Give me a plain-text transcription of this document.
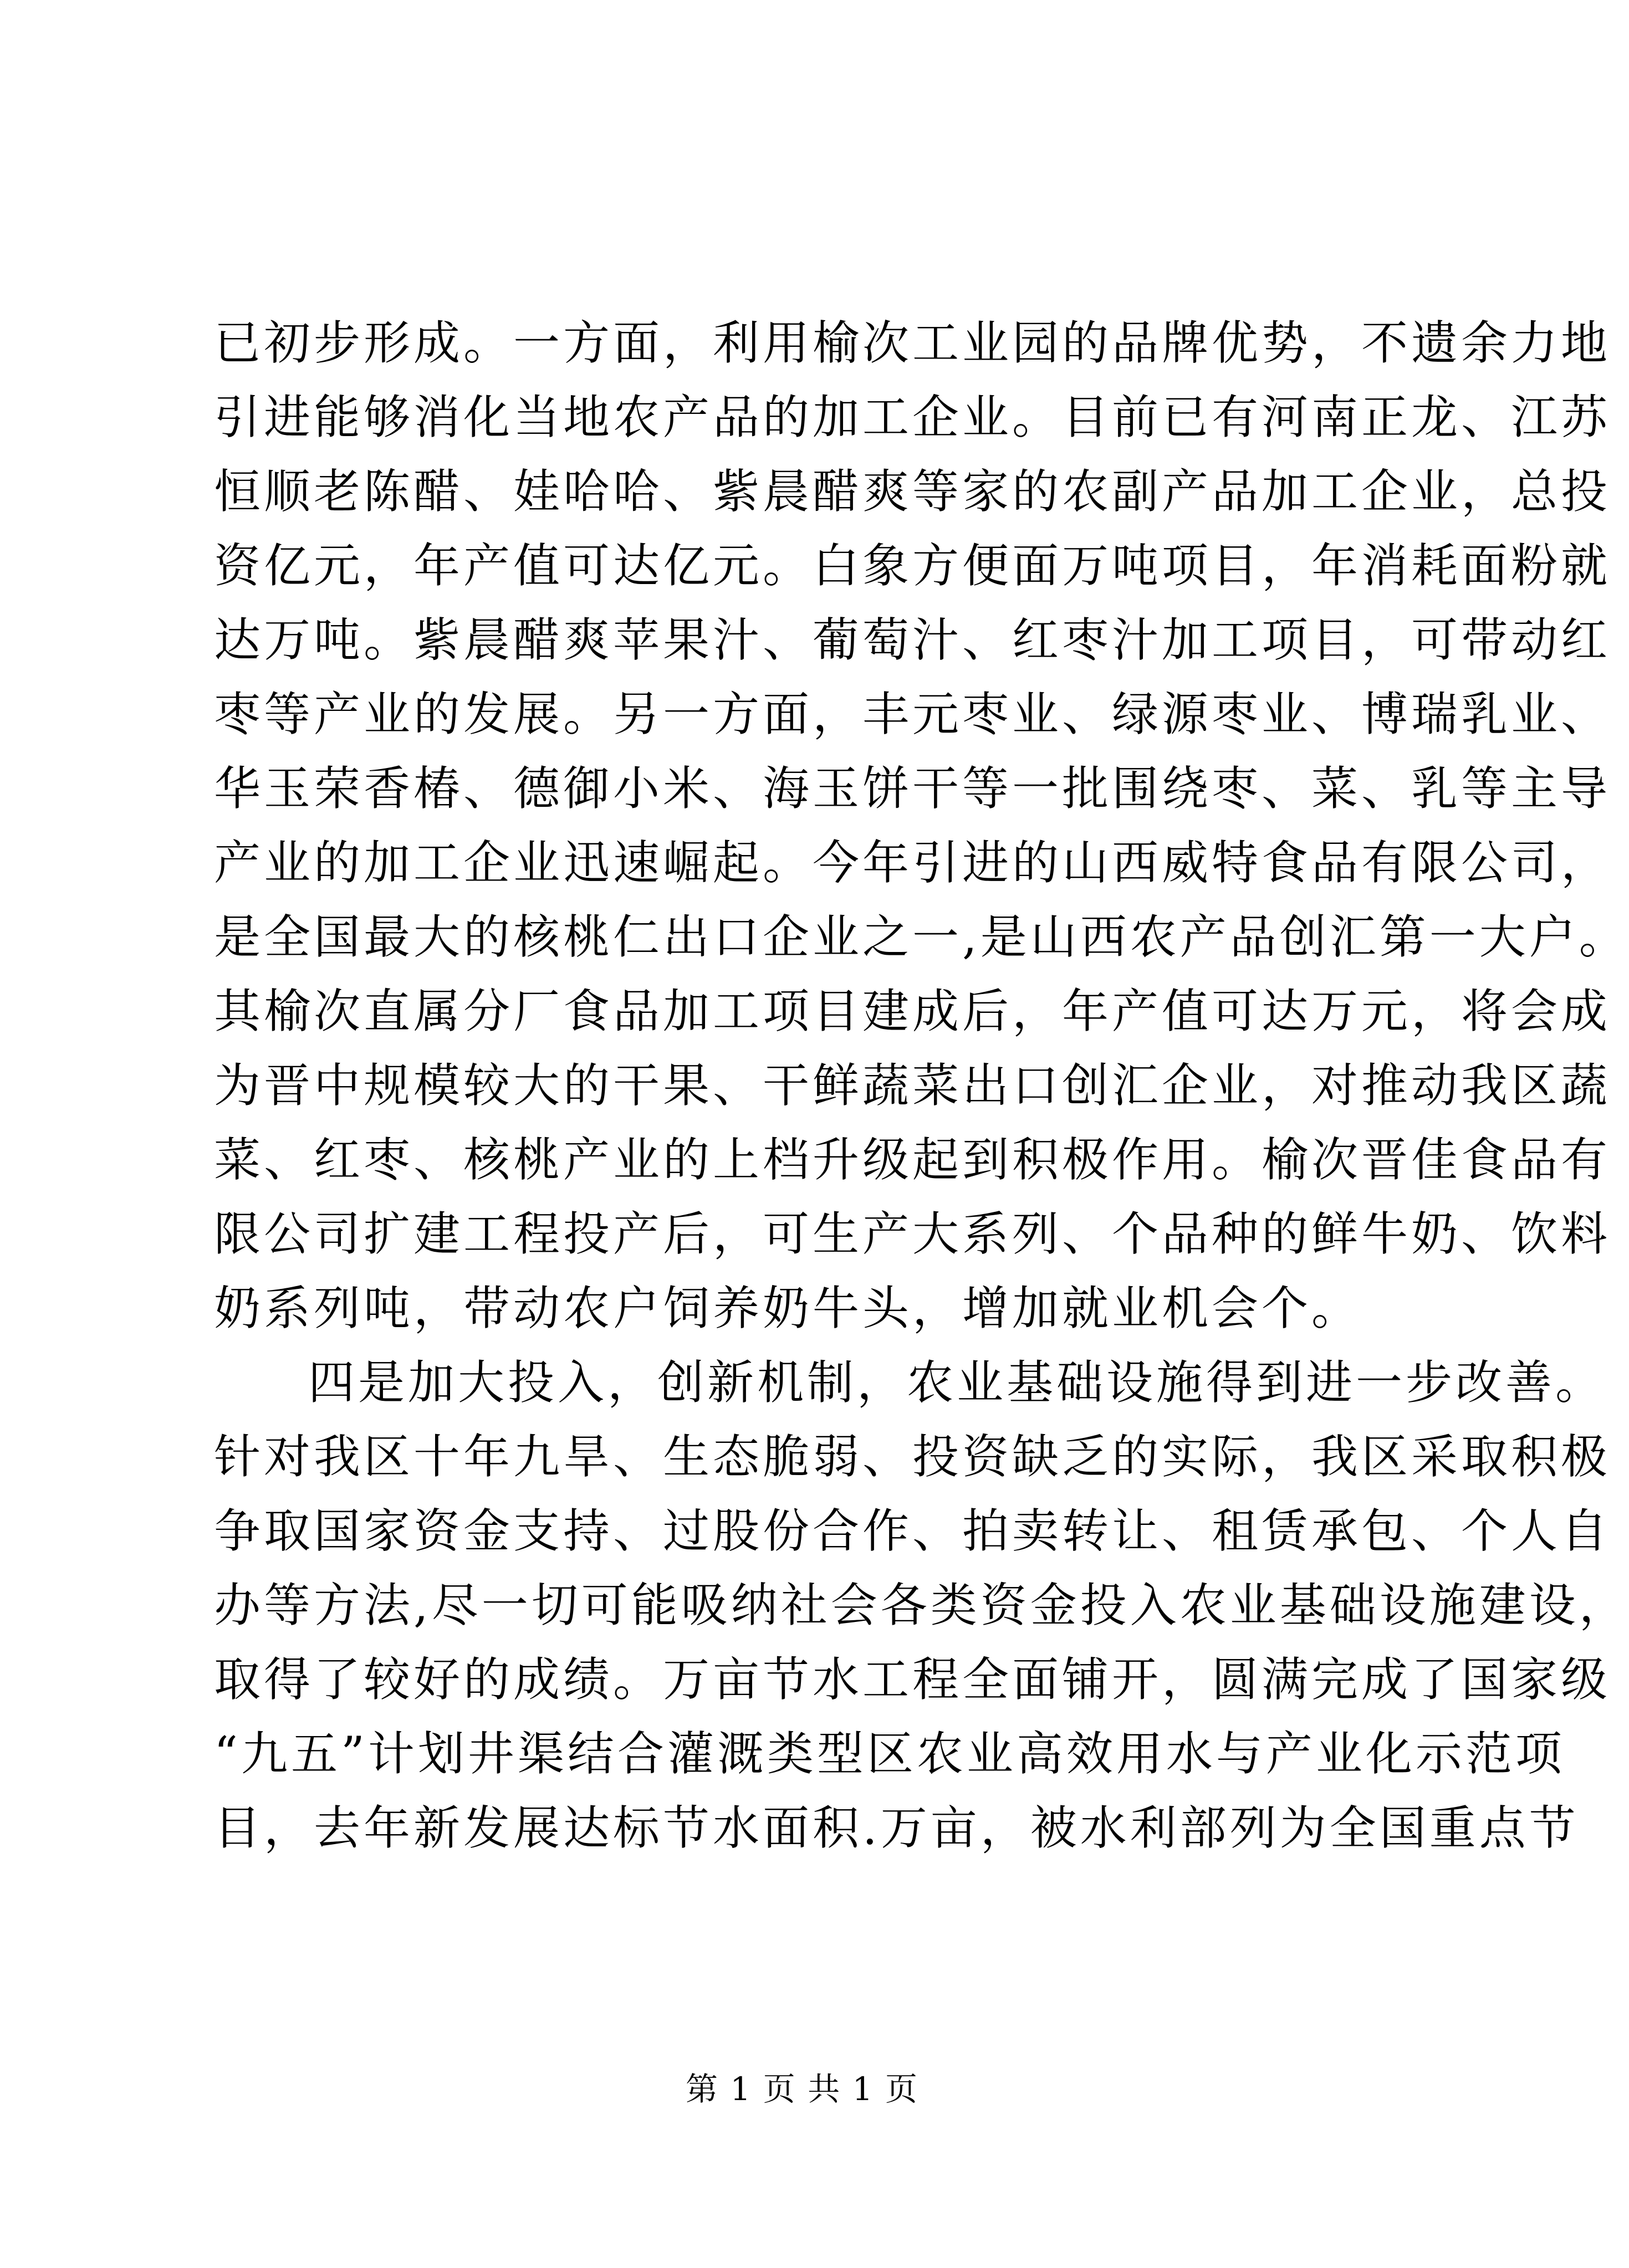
已初步形成。一方面，利用榆次工业园的品牌优势，不遗余力地
引进能够消化当地农产品的加工企业。目前已有河南正龙、江苏
恒顺老陈醋、娃哈哈、紫晨醋爽等家的农副产品加工企业，总投
资亿元，年产值可达亿元。白象方便面万吨项目，年消耗面粉就
达万吨。紫晨醋爽苹果汁、葡萄汁、红枣汁加工项目，可带动红
枣等产业的发展。另一方面，丰元枣业、绿源枣业、博瑞乳业、
华玉荣香椿、德御小米、海玉饼干等一批围绕枣、菜、乳等主导
产业的加工企业迅速崛起。今年引进的山西威特食品有限公司，
是全国最大的核桃仁出口企业之一,是山西农产品创汇第一大户。
其榆次直属分厂食品加工项目建成后，年产值可达万元，将会成
为晋中规模较大的干果、干鲜蔬菜出口创汇企业，对推动我区蔬
菜、红枣、核桃产业的上档升级起到积极作用。榆次晋佳食品有
限公司扩建工程投产后，可生产大系列、个品种的鲜牛奶、饮料
奶系列吨，带动农户饲养奶牛头，增加就业机会个。
四是加大投入，创新机制，农业基础设施得到进一步改善。
针对我区十年九旱、生态脆弱、投资缺乏的实际，我区采取积极
争取国家资金支持、过股份合作、拍卖转让、租赁承包、个人自
办等方法,尽一切可能吸纳社会各类资金投入农业基础设施建设，
取得了较好的成绩。万亩节水工程全面铺开，圆满完成了国家级
“九五”计划井渠结合灌溉类型区农业高效用水与产业化示范项
目，去年新发展达标节水面积.万亩，被水利部列为全国重点节
第 1 页 共 1 页
